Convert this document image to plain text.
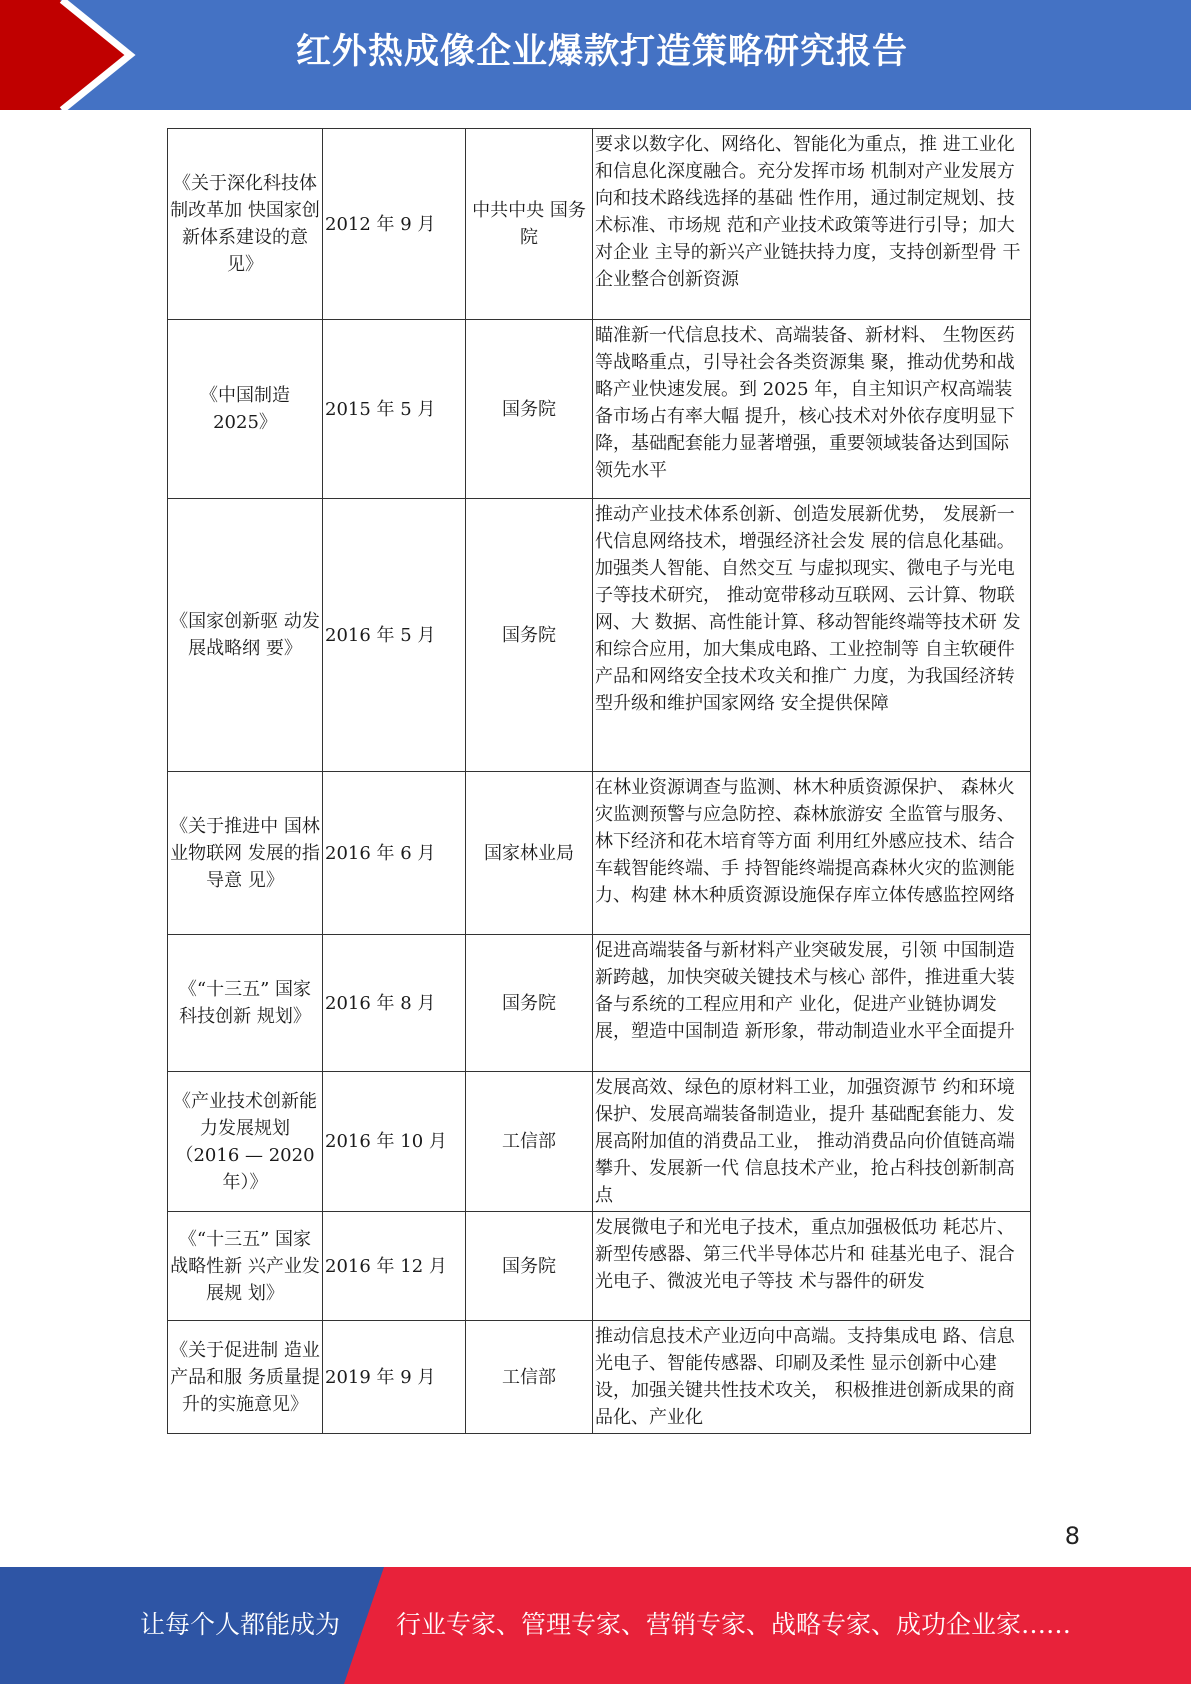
红外热成像企业爆款打造策略研究报告
《关于深化科技体制改革加 快国家创新体系建设的意 见》	2012 年 9 月	中共中央 国务院	要求以数字化、网络化、智能化为重点，推 进工业化和信息化深度融合。充分发挥市场 机制对产业发展方向和技术路线选择的基础 性作用，通过制定规划、技术标准、市场规 范和产业技术政策等进行引导；加大对企业 主导的新兴产业链扶持力度，支持创新型骨 干企业整合创新资源
《中国制造 2025》	2015 年 5 月	国务院	瞄准新一代信息技术、高端装备、新材料、 生物医药等战略重点，引导社会各类资源集 聚，推动优势和战略产业快速发展。到 2025 年，自主知识产权高端装备市场占有率大幅 提升，核心技术对外依存度明显下降，基础配套能力显著增强，重要领域装备达到国际 领先水平
《国家创新驱 动发展战略纲 要》	2016 年 5 月	国务院	推动产业技术体系创新、创造发展新优势， 发展新一代信息网络技术，增强经济社会发 展的信息化基础。加强类人智能、自然交互 与虚拟现实、微电子与光电子等技术研究， 推动宽带移动互联网、云计算、物联网、大 数据、高性能计算、移动智能终端等技术研 发和综合应用，加大集成电路、工业控制等 自主软硬件产品和网络安全技术攻关和推广 力度，为我国经济转型升级和维护国家网络 安全提供保障
《关于推进中 国林业物联网 发展的指导意 见》	2016 年 6 月	国家林业局	在林业资源调查与监测、林木种质资源保护、 森林火灾监测预警与应急防控、森林旅游安 全监管与服务、林下经济和花木培育等方面 利用红外感应技术、结合车载智能终端、手 持智能终端提高森林火灾的监测能力、构建 林木种质资源设施保存库立体传感监控网络
《“十三五” 国家科技创新 规划》	2016 年 8 月	国务院	促进高端装备与新材料产业突破发展，引领 中国制造新跨越，加快突破关键技术与核心 部件，推进重大装备与系统的工程应用和产 业化，促进产业链协调发展，塑造中国制造 新形象，带动制造业水平全面提升
《产业技术创新能力发展规划（2016 — 2020 年）》	2016 年 10 月	工信部	发展高效、绿色的原材料工业，加强资源节 约和环境保护、发展高端装备制造业，提升 基础配套能力、发展高附加值的消费品工业， 推动消费品向价值链高端攀升、发展新一代 信息技术产业，抢占科技创新制高点
《“十三五” 国家战略性新 兴产业发展规 划》	2016 年 12 月	国务院	发展微电子和光电子技术，重点加强极低功 耗芯片、新型传感器、第三代半导体芯片和 硅基光电子、混合光电子、微波光电子等技 术与器件的研发
《关于促进制 造业产品和服 务质量提升的实施意见》	2019 年 9 月	工信部	推动信息技术产业迈向中高端。支持集成电 路、信息光电子、智能传感器、印刷及柔性 显示创新中心建设，加强关键共性技术攻关， 积极推进创新成果的商品化、产业化
8
让每个人都能成为	行业专家、管理专家、营销专家、战略专家、成功企业家……
